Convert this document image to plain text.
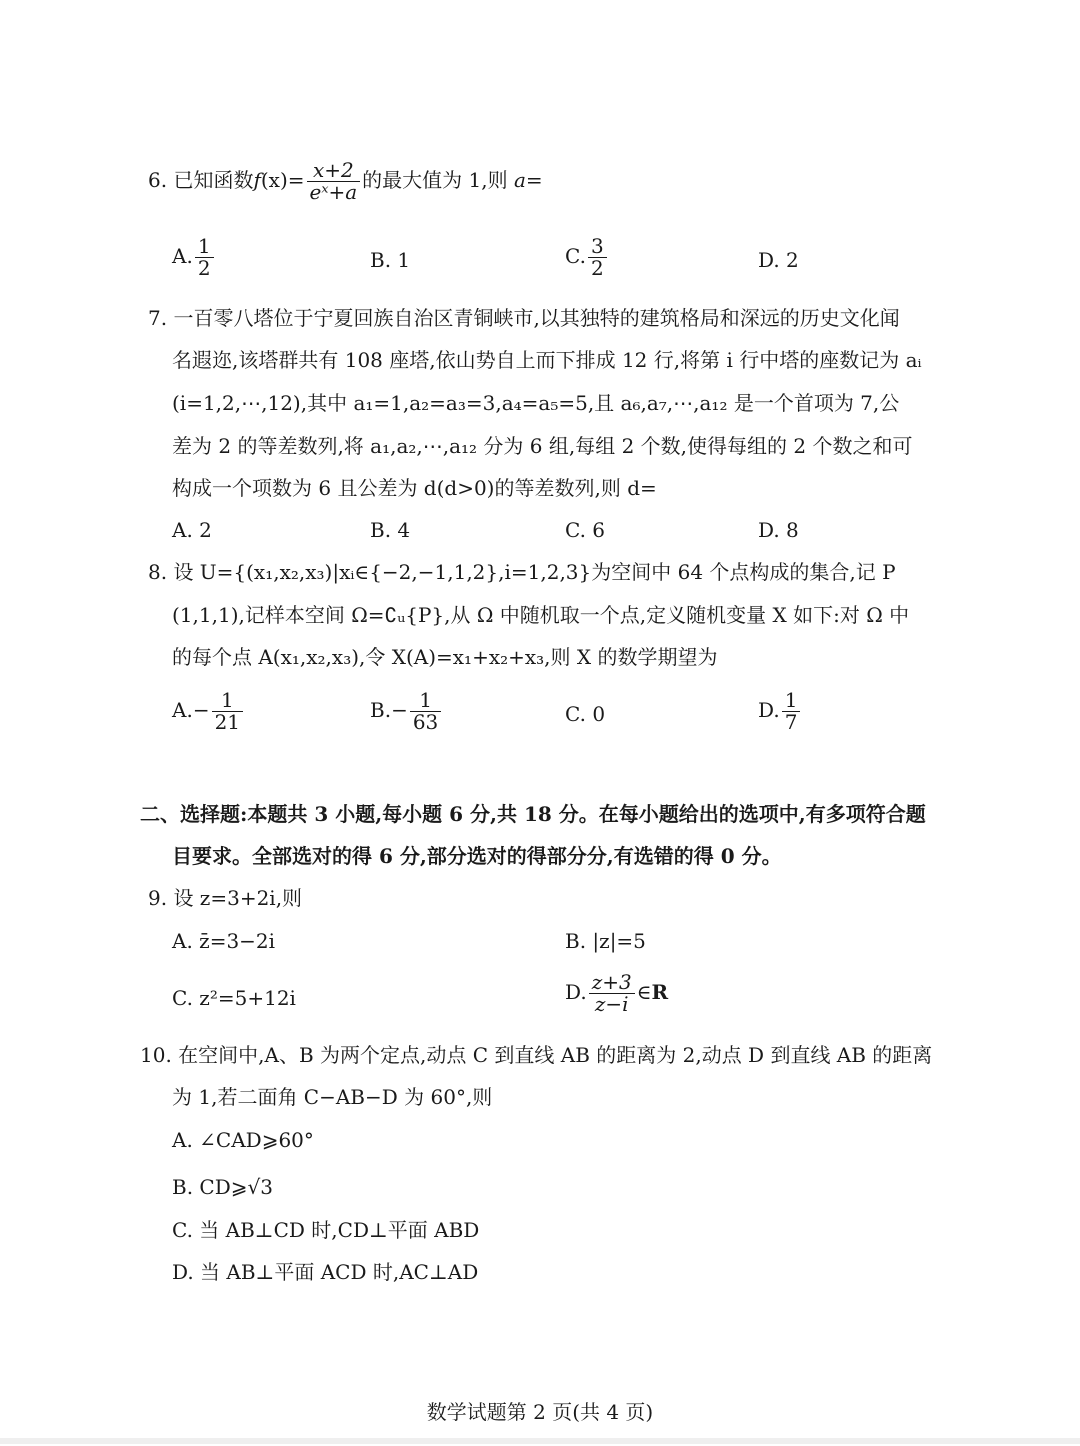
6. 已知函数$f(x)= \frac{x+2}{\text{eˣ+a}}$ 的最大值为 1,则 a=
A. $\frac{1}{2}$	B. 1	C. $\frac{3}{2}$	D. 2
7. 一百零八塔位于宁夏回族自治区青铜峡市,以其独特的建筑格局和深远的历史文化闻
名遐迩,该塔群共有 108 座塔,依山势自上而下排成 12 行,将第 i 行中塔的座数记为 aᵢ
(i=1,2,⋯,12),其中 a₁=1,a₂=a₃=3,a₄=a₅=5,且 a₆,a₇,⋯,a₁₂ 是一个首项为 7,公
差为 2 的等差数列,将 a₁,a₂,⋯,a₁₂ 分为 6 组,每组 2 个数,使得每组的 2 个数之和可
构成一个项数为 6 且公差为 d(d>0)的等差数列,则 d=
A. 2	B. 4	C. 6	D. 8
8. 设 U={(x₁,x₂,x₃)|xᵢ∈{−2,−1,1,2},i=1,2,3}为空间中 64 个点构成的集合,记 P
(1,1,1),记样本空间 Ω=∁ᵤ{P},从 Ω 中随机取一个点,定义随机变量 X 如下:对 Ω 中
的每个点 A(x₁,x₂,x₃),令 X(A)=x₁+x₂+x₃,则 X 的数学期望为
$A.- \frac{1}{21}$	$B.- \frac{1}{63}$	C. 0	D. $\frac{1}{7}$
二、选择题:本题共 3 小题,每小题 6 分,共 18 分。在每小题给出的选项中,有多项符合题
目要求。全部选对的得 6 分,部分选对的得部分分,有选错的得 0 分。
9. 设 z=3+2i,则
A. z̄=3−2i	B. |z|=5
C. z²=5+12i	D. $\frac{z+3}{z-i}$ ∈R
10. 在空间中,A、B 为两个定点,动点 C 到直线 AB 的距离为 2,动点 D 到直线 AB 的距离
为 1,若二面角 C−AB−D 为 60°,则
A. ∠CAD⩾60°
B. CD⩾√3
C. 当 AB⊥CD 时,CD⊥平面 ABD
D. 当 AB⊥平面 ACD 时,AC⊥AD
数学试题第 2 页(共 4 页)
